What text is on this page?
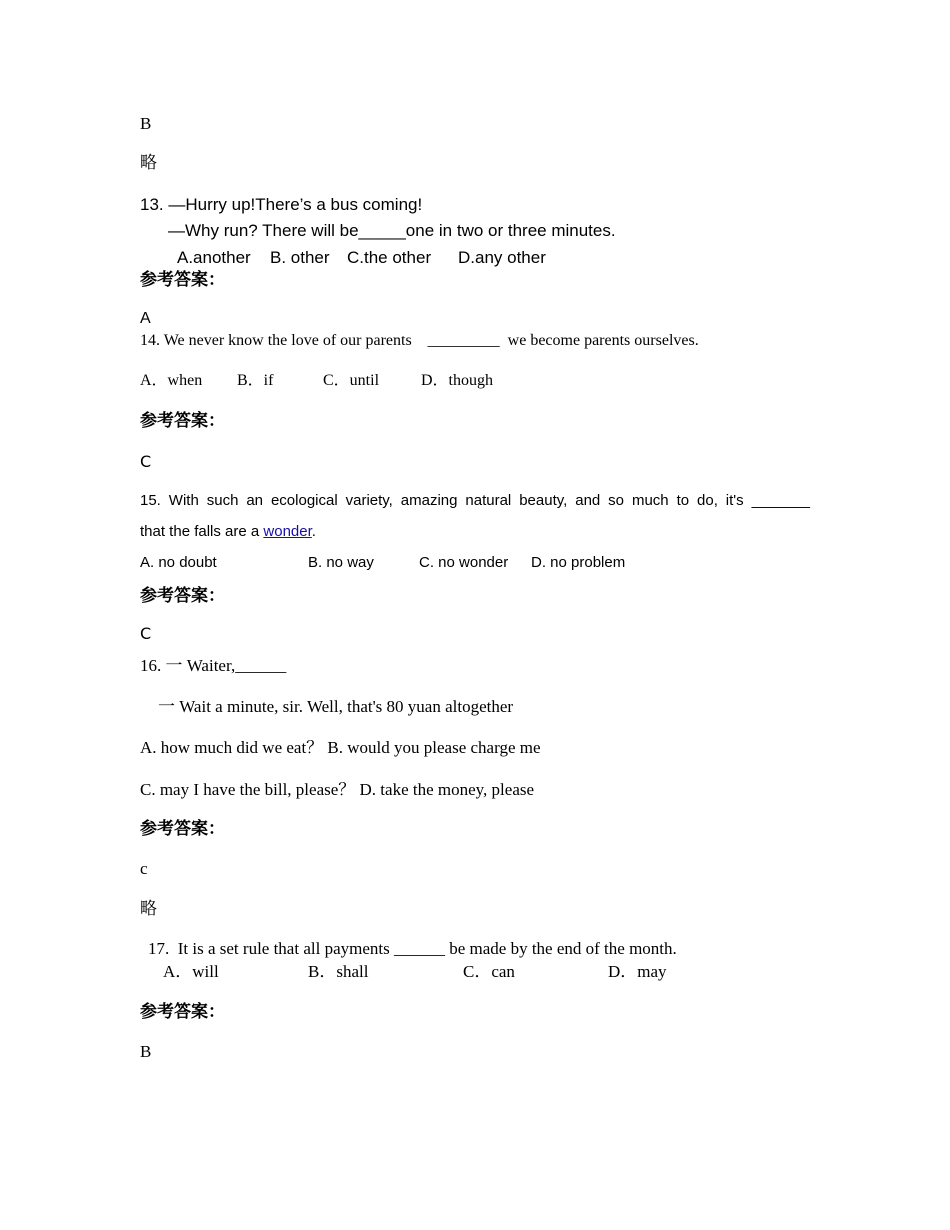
B
略
13. —Hurry up!There’s a bus coming!
—Why run? There will be_____one in two or three minutes.
A.another B. other C.the other D.any other
参考答案：
A
14. We never know the love of our parents    _________  we become parents ourselves.
A．when B．if	C．until	D．though
参考答案：
C
15. With such an ecological variety, amazing natural beauty, and so much to do, it's _______
that the falls are a wonder.
A. no doubt	B. no way	C. no wonder D. no problem
参考答案：
C
16. 一 Waiter,______
一 Wait a minute, sir. Well, that's 80 yuan altogether
A. how much did we eat？ B. would you please charge me
C. may I have the bill, please？ D. take the money, please
参考答案：
c
略
17.  It is a set rule that all payments ______ be made by the end of the month.
A．will	B．shall	C．can	D．may
参考答案：
B
